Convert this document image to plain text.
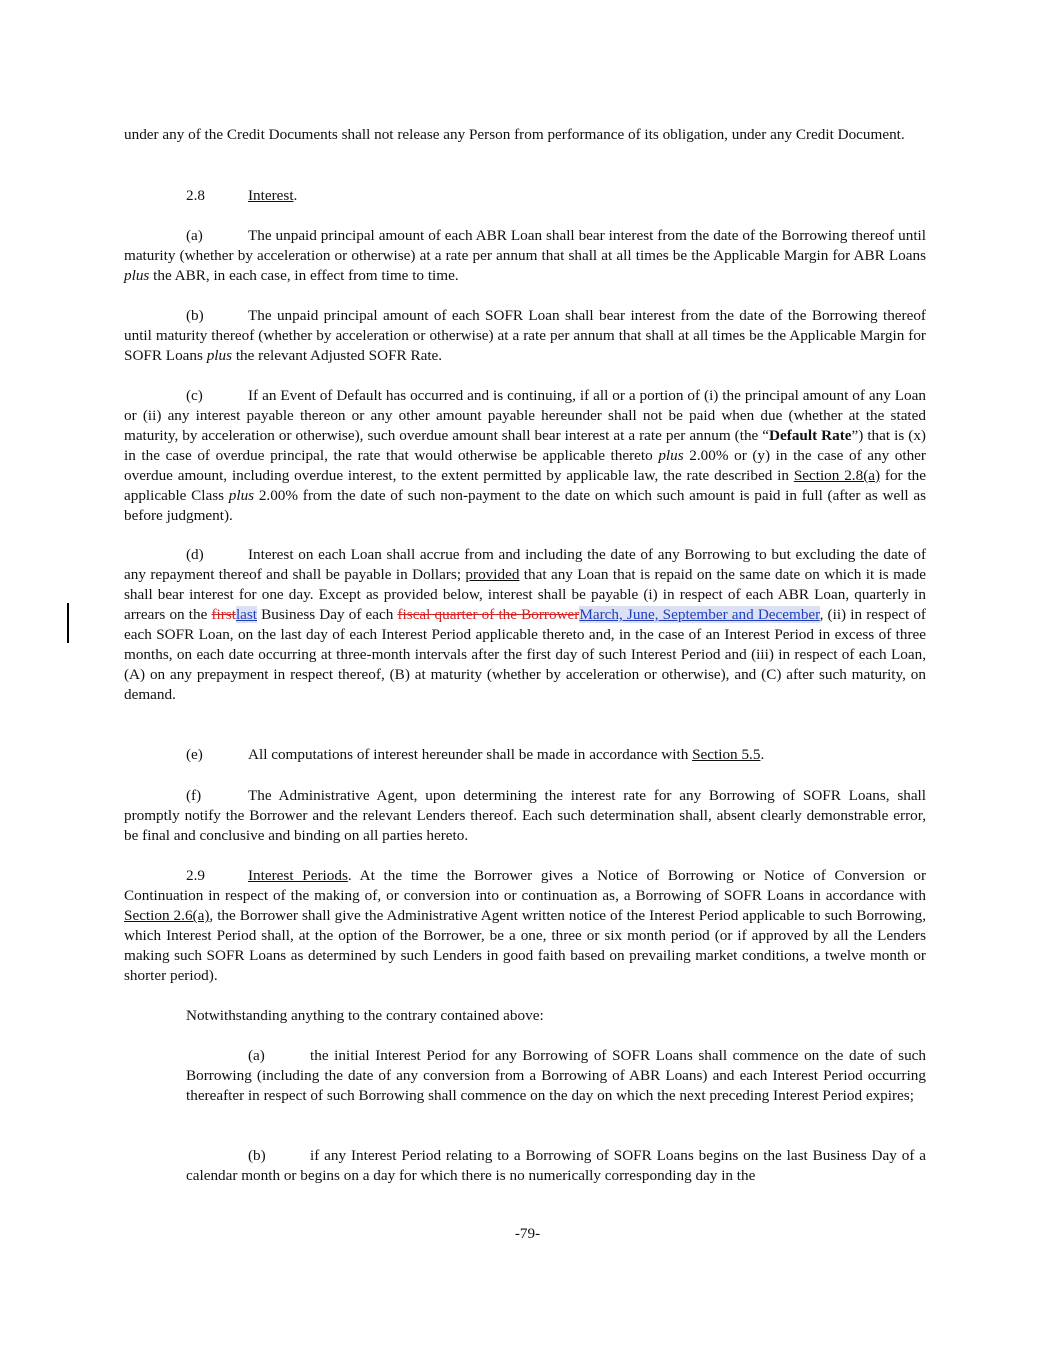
under any of the Credit Documents shall not release any Person from performance of its obligation, under any Credit Document.

2.8	Interest.

(a)	The unpaid principal amount of each ABR Loan shall bear interest from the date of the Borrowing thereof until maturity (whether by acceleration or otherwise) at a rate per annum that shall at all times be the Applicable Margin for ABR Loans plus the ABR, in each case, in effect from time to time.

(b)	The unpaid principal amount of each SOFR Loan shall bear interest from the date of the Borrowing thereof until maturity thereof (whether by acceleration or otherwise) at a rate per annum that shall at all times be the Applicable Margin for SOFR Loans plus the relevant Adjusted SOFR Rate.

(c)	If an Event of Default has occurred and is continuing, if all or a portion of (i) the principal amount of any Loan or (ii) any interest payable thereon or any other amount payable hereunder shall not be paid when due (whether at the stated maturity, by acceleration or otherwise), such overdue amount shall bear interest at a rate per annum (the “Default Rate”) that is (x) in the case of overdue principal, the rate that would otherwise be applicable thereto plus 2.00% or (y) in the case of any other overdue amount, including overdue interest, to the extent permitted by applicable law, the rate described in Section 2.8(a) for the applicable Class plus 2.00% from the date of such non-payment to the date on which such amount is paid in full (after as well as before judgment).

(d)	Interest on each Loan shall accrue from and including the date of any Borrowing to but excluding the date of any repayment thereof and shall be payable in Dollars; provided that any Loan that is repaid on the same date on which it is made shall bear interest for one day. Except as provided below, interest shall be payable (i) in respect of each ABR Loan, quarterly in arrears on the firstlast Business Day of each fiscal quarter of the BorrowerMarch, June, September and December, (ii) in respect of each SOFR Loan, on the last day of each Interest Period applicable thereto and, in the case of an Interest Period in excess of three months, on each date occurring at three-month intervals after the first day of such Interest Period and (iii) in respect of each Loan, (A) on any prepayment in respect thereof, (B) at maturity (whether by acceleration or otherwise), and (C) after such maturity, on demand.

(e)	All computations of interest hereunder shall be made in accordance with Section 5.5.

(f)	The Administrative Agent, upon determining the interest rate for any Borrowing of SOFR Loans, shall promptly notify the Borrower and the relevant Lenders thereof. Each such determination shall, absent clearly demonstrable error, be final and conclusive and binding on all parties hereto.

2.9	Interest Periods. At the time the Borrower gives a Notice of Borrowing or Notice of Conversion or Continuation in respect of the making of, or conversion into or continuation as, a Borrowing of SOFR Loans in accordance with Section 2.6(a), the Borrower shall give the Administrative Agent written notice of the Interest Period applicable to such Borrowing, which Interest Period shall, at the option of the Borrower, be a one, three or six month period (or if approved by all the Lenders making such SOFR Loans as determined by such Lenders in good faith based on prevailing market conditions, a twelve month or shorter period).

Notwithstanding anything to the contrary contained above:

(a)	the initial Interest Period for any Borrowing of SOFR Loans shall commence on the date of such Borrowing (including the date of any conversion from a Borrowing of ABR Loans) and each Interest Period occurring thereafter in respect of such Borrowing shall commence on the day on which the next preceding Interest Period expires;

(b)	if any Interest Period relating to a Borrowing of SOFR Loans begins on the last Business Day of a calendar month or begins on a day for which there is no numerically corresponding day in the

-79-
